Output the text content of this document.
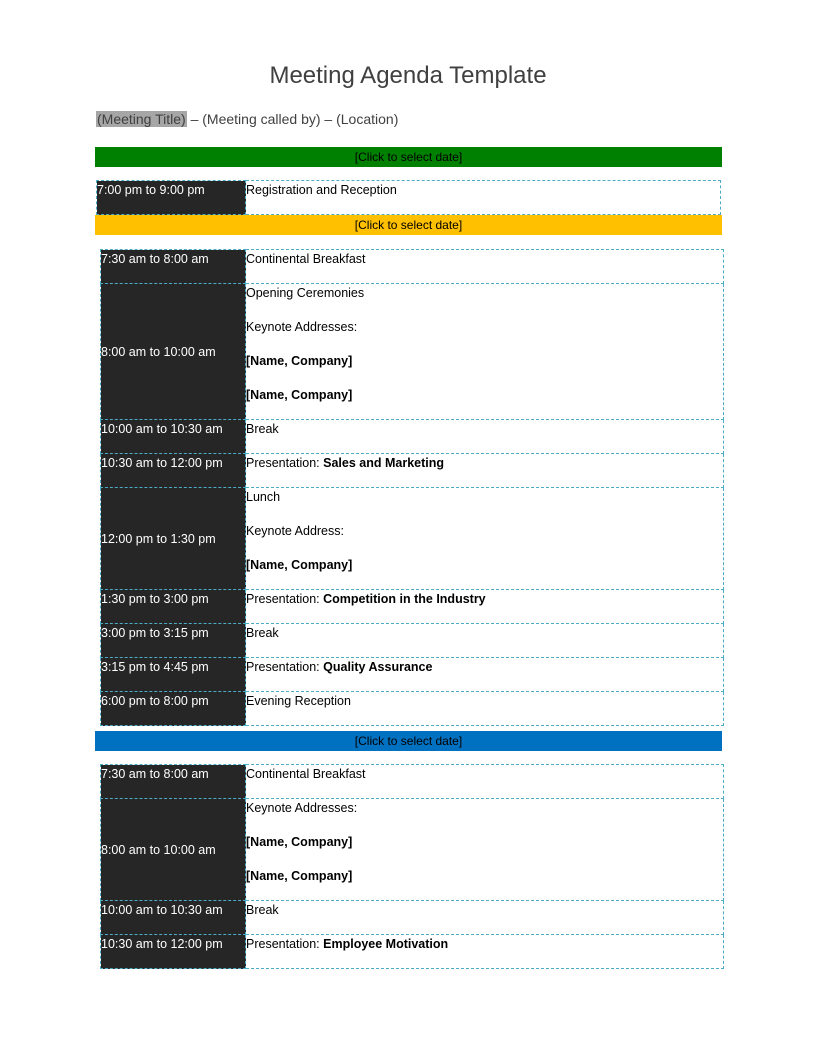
Meeting Agenda Template
(Meeting Title) – (Meeting called by) – (Location)
[Click to select date]
7:00 pm to 9:00 pm	Registration and Reception
[Click to select date]
7:30 am to 8:00 am	Continental Breakfast

8:00 am to 10:00 am	Opening Ceremonies
Keynote Addresses:
[Name, Company]
[Name, Company]

10:00 am to 10:30 am	Break

10:30 am to 12:00 pm	Presentation: Sales and Marketing

12:00 pm to 1:30 pm	Lunch
Keynote Address:
[Name, Company]

1:30 pm to 3:00 pm	Presentation: Competition in the Industry

3:00 pm to 3:15 pm	Break

3:15 pm to 4:45 pm	Presentation: Quality Assurance

6:00 pm to 8:00 pm	Evening Reception
[Click to select date]
7:30 am to 8:00 am	Continental Breakfast

8:00 am to 10:00 am	Keynote Addresses:
[Name, Company]
[Name, Company]

10:00 am to 10:30 am	Break

10:30 am to 12:00 pm	Presentation: Employee Motivation
